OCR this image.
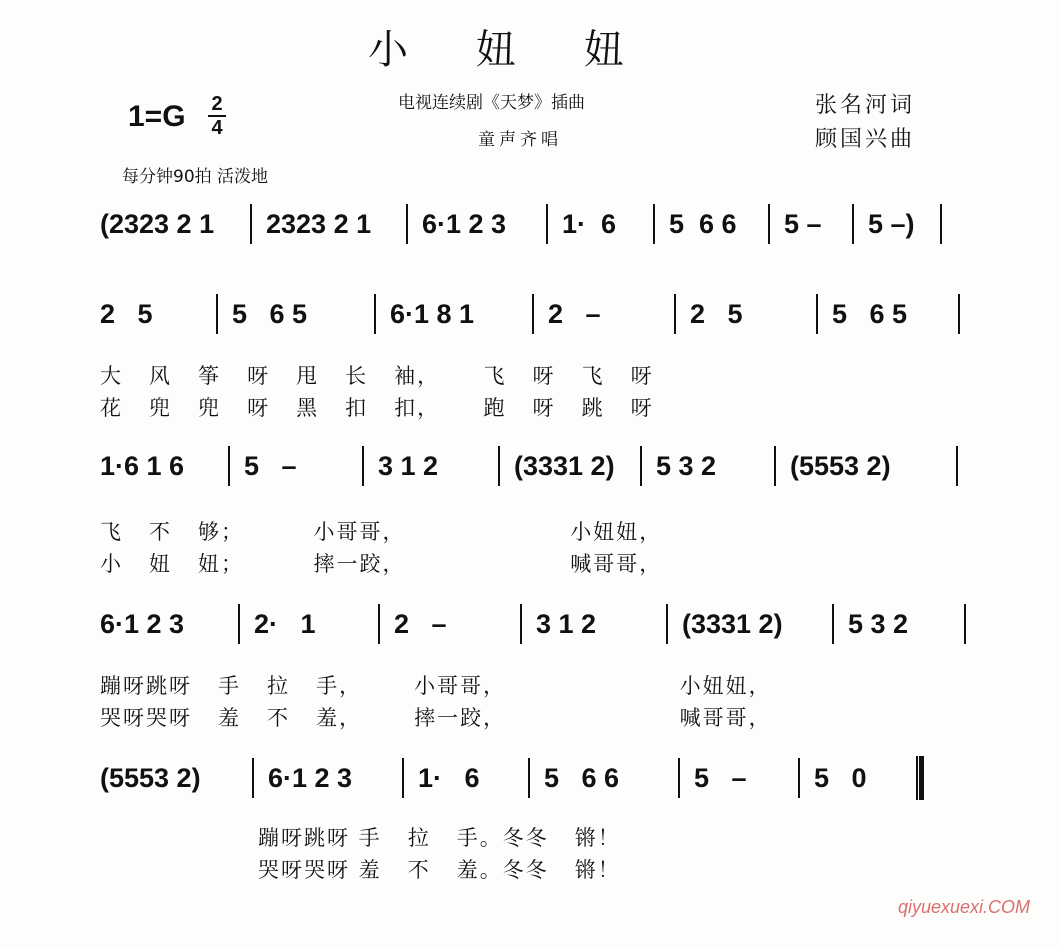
小妞妞
1=G 2
4
电视连续剧《天梦》插曲
童声齐唱
张名河词
顾国兴曲
每分钟90拍 活泼地
(2323 2 1	2323 2 1	6·1 2 3	1·  6	5  6 6	5 –	5 –)
2   5	5   6 5	6·1 8 1	2   –	2   5	5   6 5
大   风   筝   呀   甩   长   袖，     飞   呀   飞   呀
花   兜   兜   呀   黑   扣   扣，     跑   呀   跳   呀
1·6 1 6	5   –	3 1 2	(3331 2)	5 3 2	(5553 2)
飞   不   够；        小哥哥，                   小妞妞，
小   妞   妞；        摔一跤，                   喊哥哥，
6·1 2 3	2·   1	2   –	3 1 2	(3331 2)	5 3 2
蹦呀跳呀   手   拉   手，      小哥哥，                    小妞妞，
哭呀哭呀   羞   不   羞，      摔一跤，                    喊哥哥，
(5553 2)	6·1 2 3	1·   6	5   6 6	5   –	5   0
蹦呀跳呀 手   拉   手。冬冬   锵！
哭呀哭呀 羞   不   羞。冬冬   锵！
qiyuexuexi.COM
